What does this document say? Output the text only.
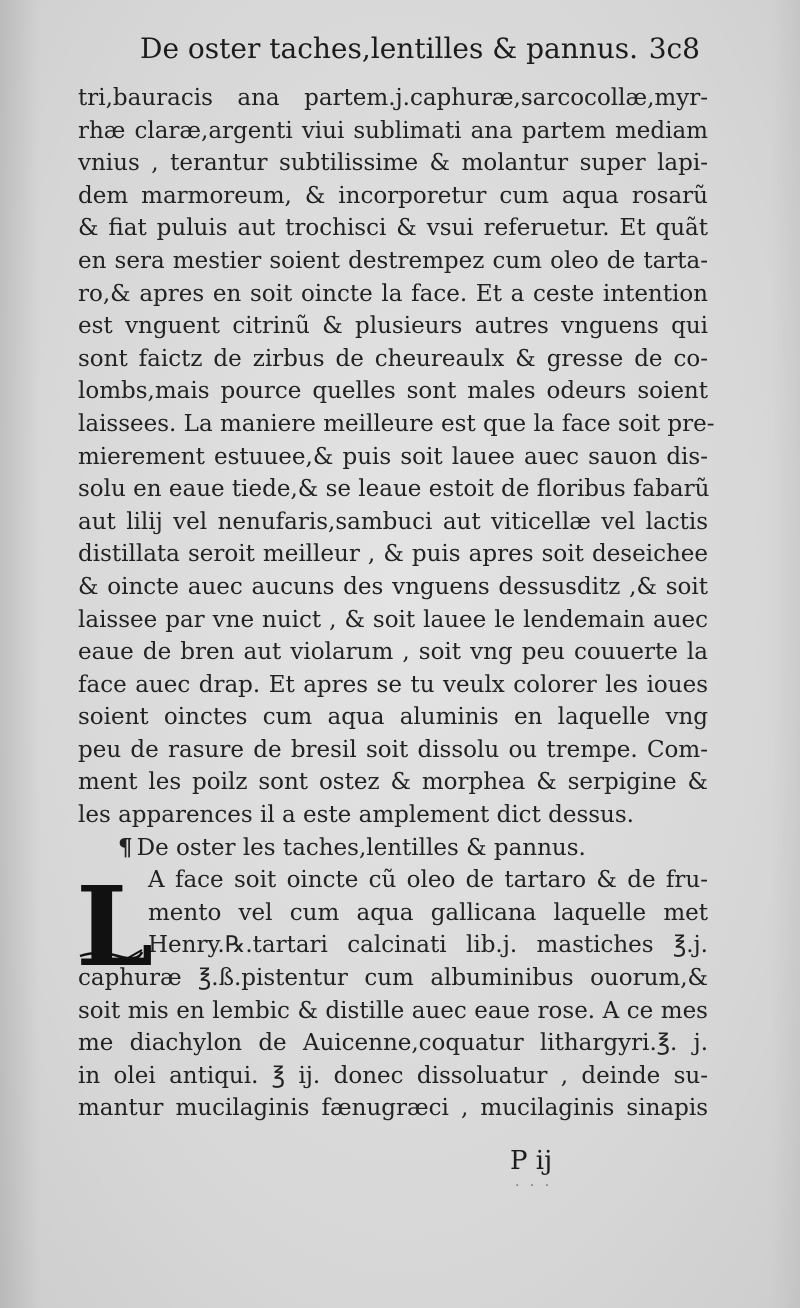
De oster taches,lentilles & pannus. 3c8
tri,bauracis ana partem.j.caphuræ,sarcocollæ,myr-
rhæ claræ,argenti viui sublimati ana partem mediam
vnius , terantur subtilissime & molantur super lapi-
dem marmoreum, & incorporetur cum aqua rosarũ
& fiat puluis aut trochisci & vsui referuetur. Et quãt
en sera mestier soient destrempez cum oleo de tarta-
ro,& apres en soit oincte la face. Et a ceste intention
est vnguent citrinũ & plusieurs autres vnguens qui
sont faictz de zirbus de cheureaulx & gresse de co-
lombs,mais pource quelles sont males odeurs soient
laissees. La maniere meilleure est que la face soit pre-
mierement estuuee,& puis soit lauee auec sauon dis-
solu en eaue tiede,& se leaue estoit de floribus fabarũ
aut lilij vel nenufaris,sambuci aut viticellæ vel lactis
distillata seroit meilleur , & puis apres soit deseichee
& oincte auec aucuns des vnguens dessusditz ,& soit
laissee par vne nuict , & soit lauee le lendemain auec
eaue de bren aut violarum , soit vng peu couuerte la
face auec drap. Et apres se tu veulx colorer les ioues
soient oinctes cum aqua aluminis en laquelle vng
peu de rasure de bresil soit dissolu ou trempe. Com-
ment les poilz sont ostez & morphea & serpigine &
les apparences il a este amplement dict dessus.
¶ De oster les taches,lentilles & pannus.
A face soit oincte cũ oleo de tartaro & de fru-
mento vel cum aqua gallicana laquelle met
Henry.℞.tartari calcinati lib.j. mastiches ℥.j.
caphuræ ℥.ß.pistentur cum albuminibus ouorum,&
soit mis en lembic & distille auec eaue rose. A ce mes
me diachylon de Auicenne,coquatur lithargyri.℥. j.
in olei antiqui. ℥ ij. donec dissoluatur , deinde su-
mantur mucilaginis fænugræci , mucilaginis sinapis
L
P ij
· · ·
